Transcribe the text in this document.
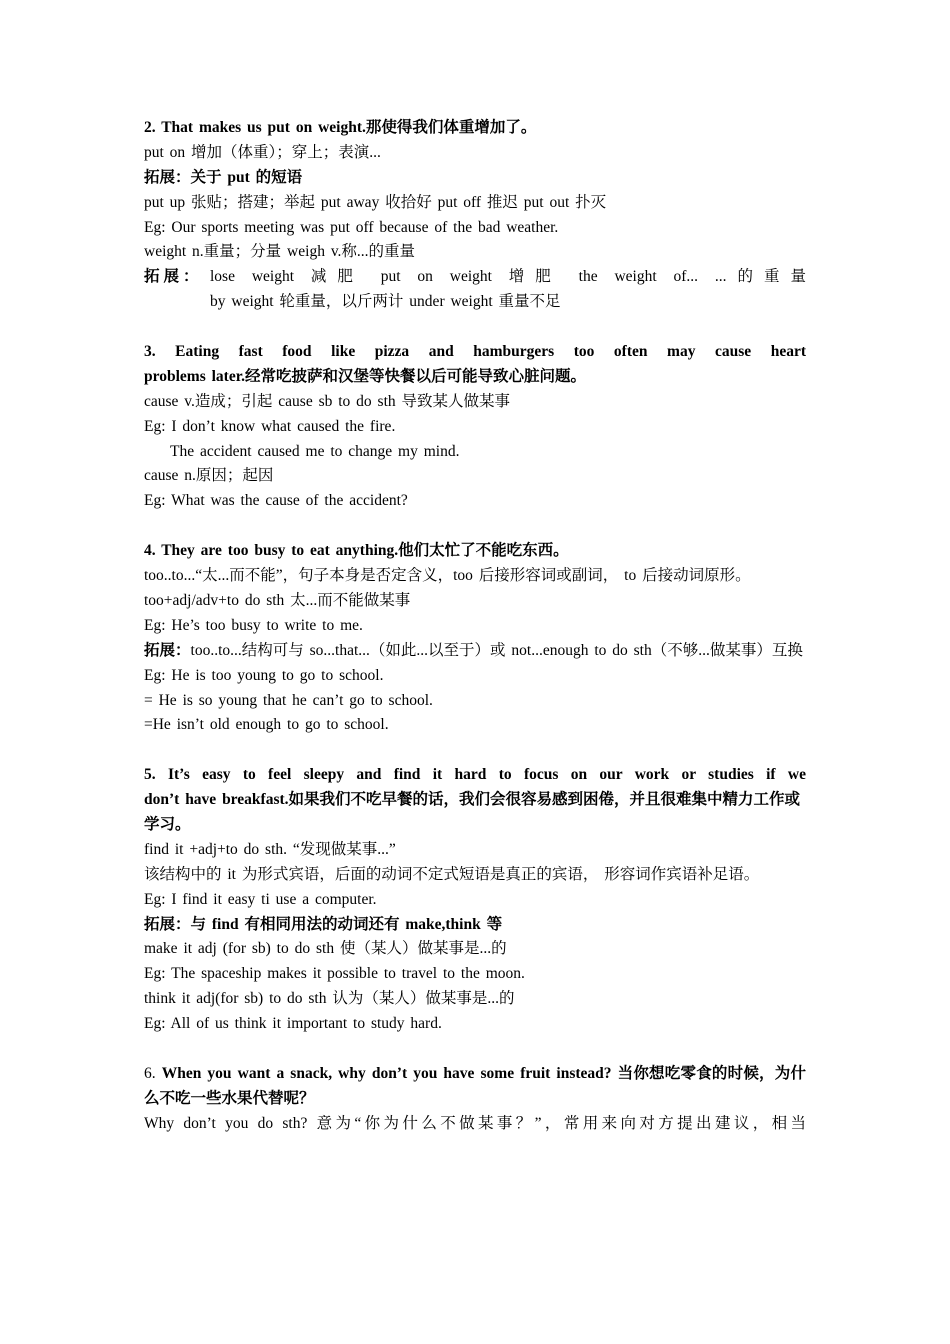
2. That makes us put on weight.那使得我们体重增加了。
put on 增加（体重）；穿上；表演...
拓展：关于 put 的短语
put up 张贴；搭建；举起 put away 收拾好 put off 推迟 put out 扑灭
Eg: Our sports meeting was put off because of the bad weather.
weight n.重量；分量 weigh v.称...的重量
拓展： lose weight 减肥 put on weight 增肥 the weight of... ...的重量
by weight 轮重量，以斤两计 under weight 重量不足
3. Eating fast food like pizza and hamburgers too often may cause heart
problems later.经常吃披萨和汉堡等快餐以后可能导致心脏问题。
cause v.造成；引起 cause sb to do sth 导致某人做某事
Eg: I don’t know what caused the fire.
The accident caused me to change my mind.
cause n.原因；起因
Eg: What was the cause of the accident?
4. They are too busy to eat anything.他们太忙了不能吃东西。
too..to...“太...而不能”，句子本身是否定含义，too 后接形容词或副词， to 后接动词原形。
too+adj/adv+to do sth 太...而不能做某事
Eg: He’s too busy to write to me.
拓展：too..to...结构可与 so...that...（如此...以至于）或 not...enough to do sth（不够...做某事）互换
Eg: He is too young to go to school.
= He is so young that he can’t go to school.
=He isn’t old enough to go to school.
5. It’s easy to feel sleepy and find it hard to focus on our work or studies if we
don’t have breakfast.如果我们不吃早餐的话，我们会很容易感到困倦，并且很难集中精力工作或学习。
find it +adj+to do sth. “发现做某事...”
该结构中的 it 为形式宾语，后面的动词不定式短语是真正的宾语， 形容词作宾语补足语。
Eg: I find it easy ti use a computer.
拓展：与 find 有相同用法的动词还有 make,think 等
make it adj (for sb) to do sth 使（某人）做某事是...的
Eg: The spaceship makes it possible to travel to the moon.
think it adj(for sb) to do sth 认为（某人）做某事是...的
Eg: All of us think it important to study hard.
6. When you want a snack, why don’t you have some fruit instead? 当你想吃零食的时候，为什么不吃一些水果代替呢？
Why don’t you do sth? 意为“你为什么不做某事？”，常用来向对方提出建议，相当
